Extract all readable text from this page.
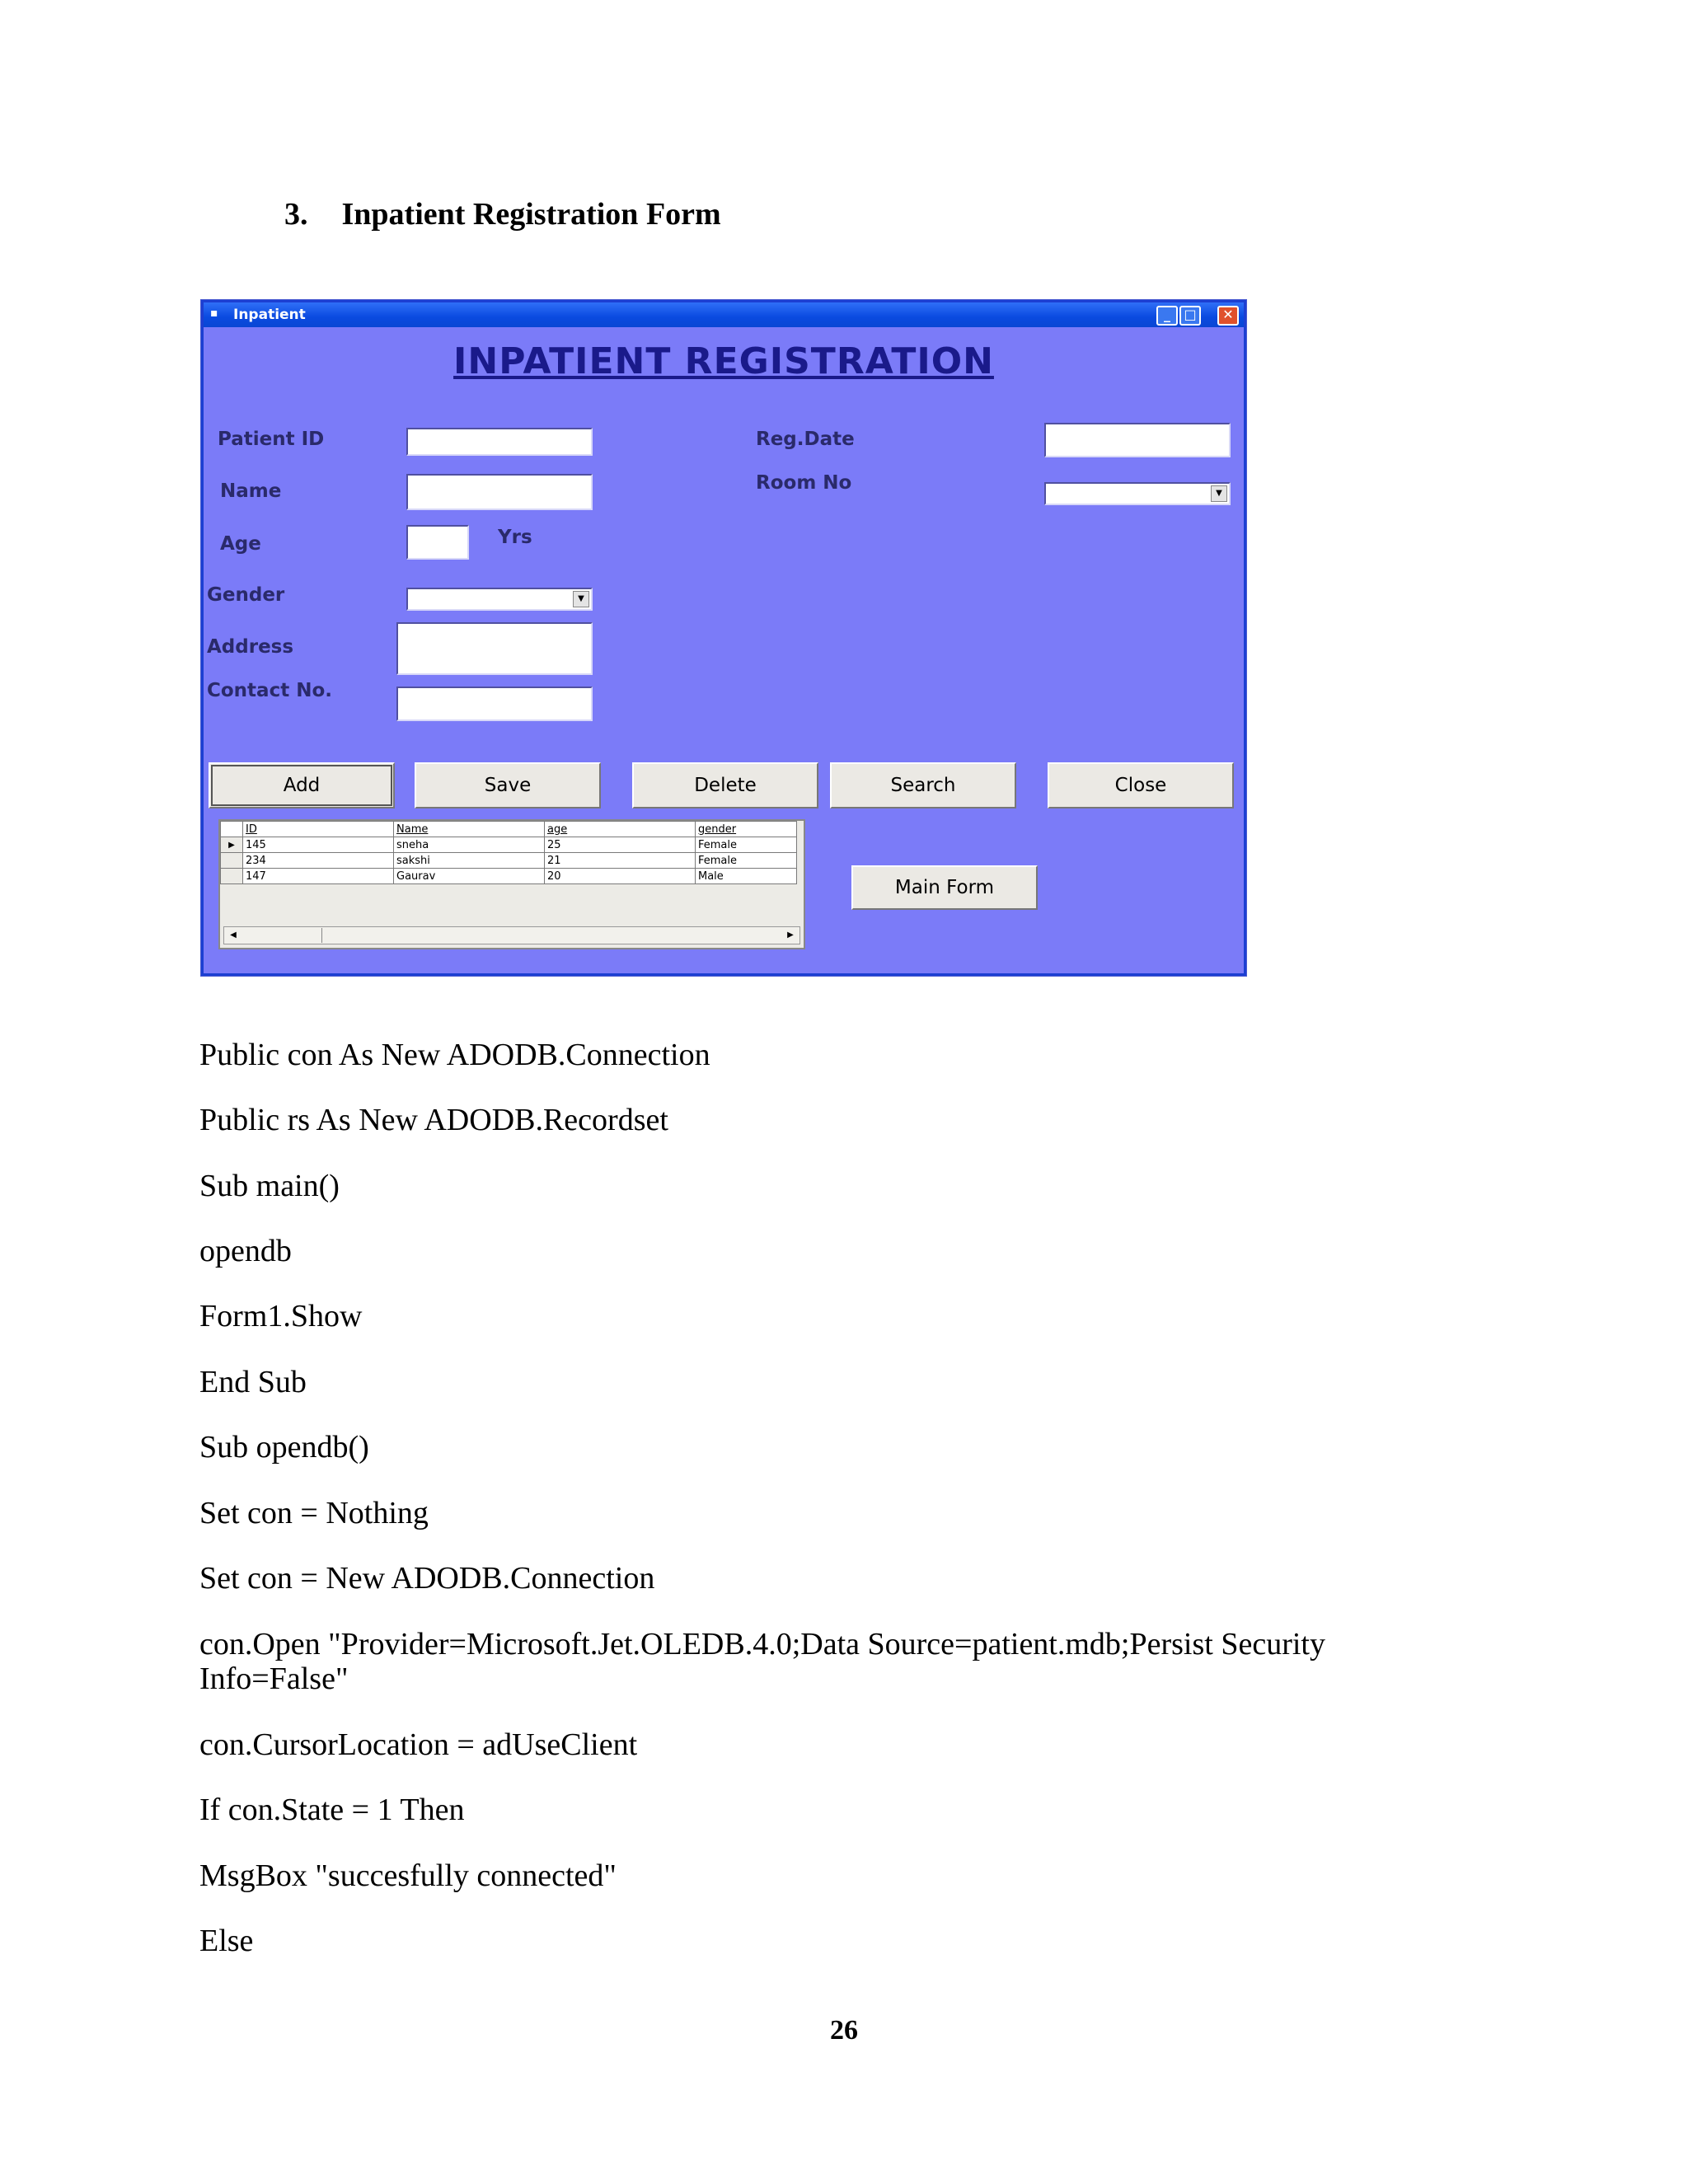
3. Inpatient Registration Form
▪ Inpatient	_	□	✕
INPATIENT REGISTRATION
Patient ID
Name
Age	Yrs
Gender	▼
Address
Contact No.
Reg.Date
Room No	▼
Add	Save	Delete	Search	Close
	ID	Name	age	gender
▶	145	sneha	25	Female
	234	sakshi	21	Female
	147	Gaurav	20	Male
◀	▶
Main Form
Public con As New ADODB.Connection
Public rs As New ADODB.Recordset
Sub main()
opendb
Form1.Show
End Sub
Sub opendb()
Set con = Nothing
Set con = New ADODB.Connection
con.Open "Provider=Microsoft.Jet.OLEDB.4.0;Data Source=patient.mdb;Persist Security
Info=False"
con.CursorLocation = adUseClient
If con.State = 1 Then
MsgBox "succesfully connected"
Else
26
